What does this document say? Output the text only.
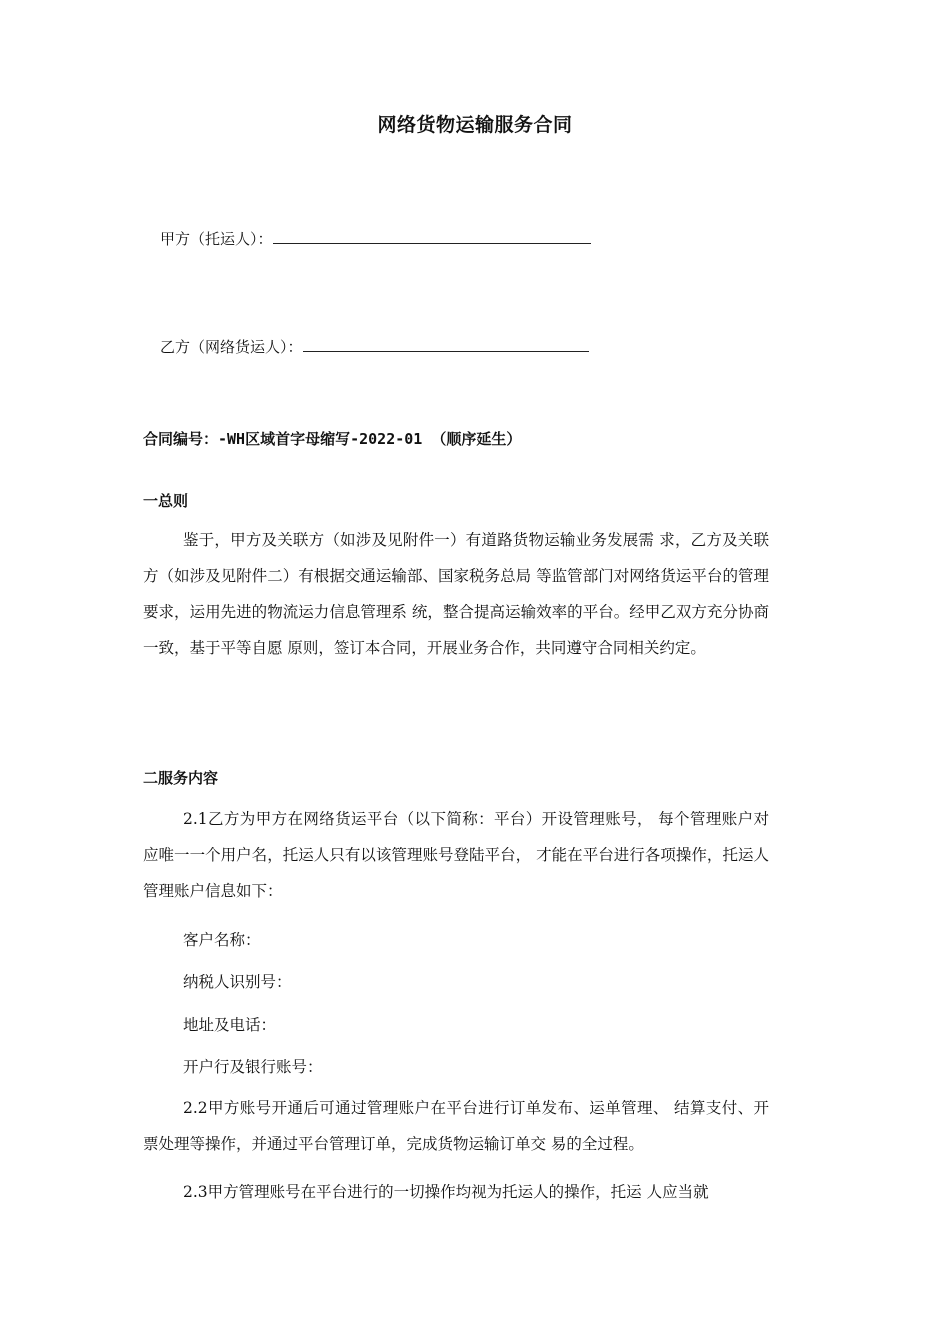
网络货物运输服务合同
甲方（托运人）：
乙方（网络货运人）：
合同编号：-WH区域首字母缩写-2022-01 （顺序延生）
一总则

鉴于，甲方及关联方（如涉及见附件一）有道路货物运输业务发展需 求，乙方及关联方（如涉及见附件二）有根据交通运输部、国家税务总局 等监管部门对网络货运平台的管理要求，运用先进的物流运力信息管理系 统，整合提高运输效率的平台。经甲乙双方充分协商一致，基于平等自愿 原则，签订本合同，开展业务合作，共同遵守合同相关约定。

二服务内容

2.1乙方为甲方在网络货运平台（以下简称：平台）开设管理账号， 每个管理账户对应唯一一个用户名，托运人只有以该管理账号登陆平台， 才能在平台进行各项操作，托运人管理账户信息如下：

客户名称：
纳税人识别号：
地址及电话：
开户行及银行账号：

2.2甲方账号开通后可通过管理账户在平台进行订单发布、运单管理、 结算支付、开票处理等操作，并通过平台管理订单，完成货物运输订单交 易的全过程。

2.3甲方管理账号在平台进行的一切操作均视为托运人的操作，托运 人应当就
